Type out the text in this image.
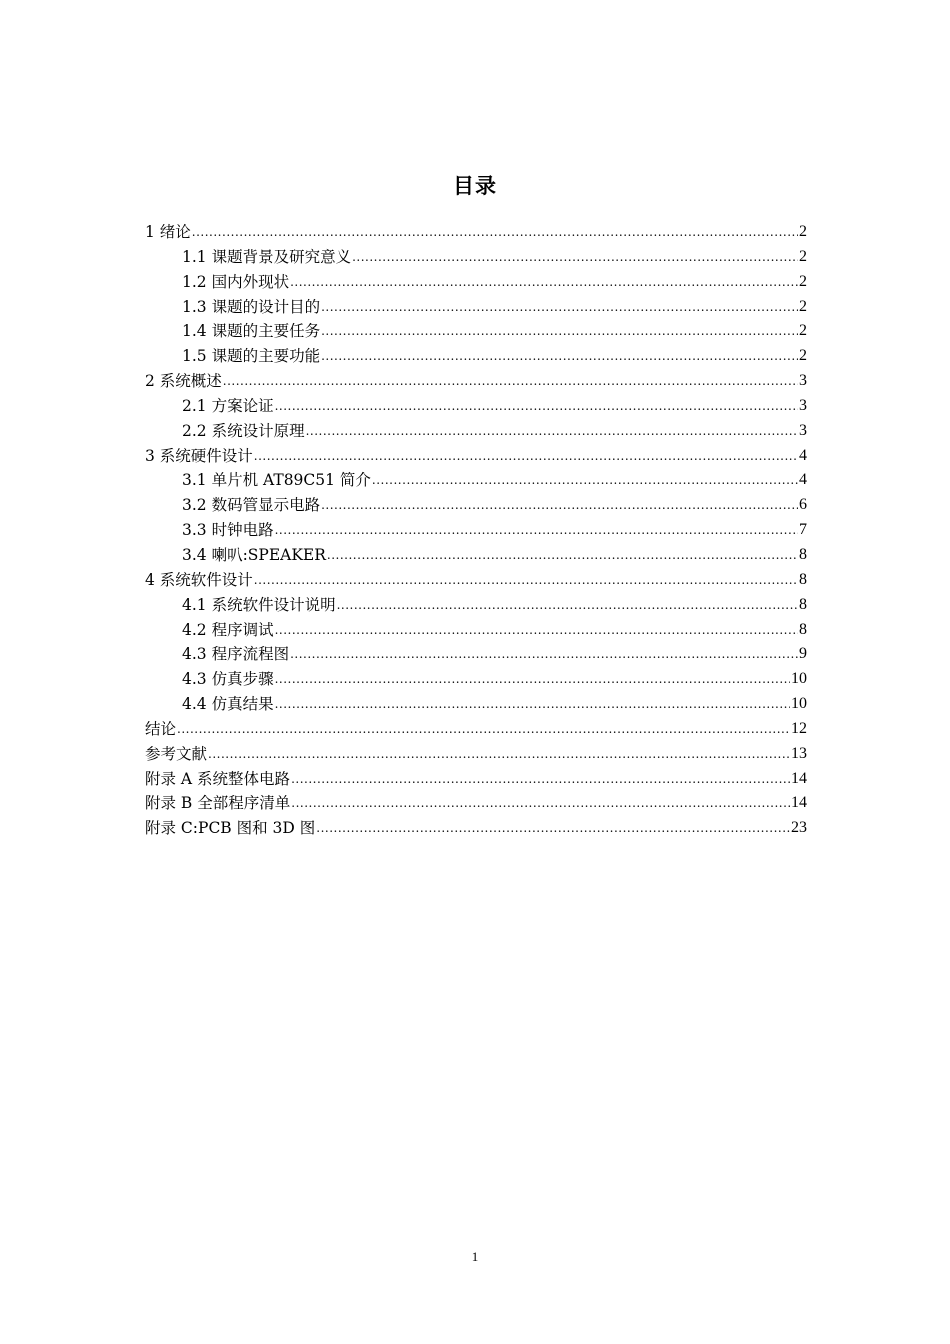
目录
1 绪论 .....	2
1.1 课题背景及研究意义 .....	2
1.2 国内外现状 .....	2
1.3 课题的设计目的 .....	2
1.4 课题的主要任务 .....	2
1.5 课题的主要功能 .....	2
2 系统概述 .....	3
2.1 方案论证 .....	3
2.2 系统设计原理 .....	3
3 系统硬件设计 .....	4
3.1 单片机 AT89C51 简介 .....	4
3.2 数码管显示电路 .....	6
3.3 时钟电路 .....	7
3.4 喇叭:SPEAKER .....	8
4 系统软件设计 .....	8
4.1 系统软件设计说明 .....	8
4.2 程序调试 .....	8
4.3 程序流程图 .....	9
4.3 仿真步骤 .....	10
4.4 仿真结果 .....	10
结论 .....	12
参考文献 .....	13
附录 A 系统整体电路 .....	14
附录 B 全部程序清单 .....	14
附录 C:PCB 图和 3D 图 .....	23
1
